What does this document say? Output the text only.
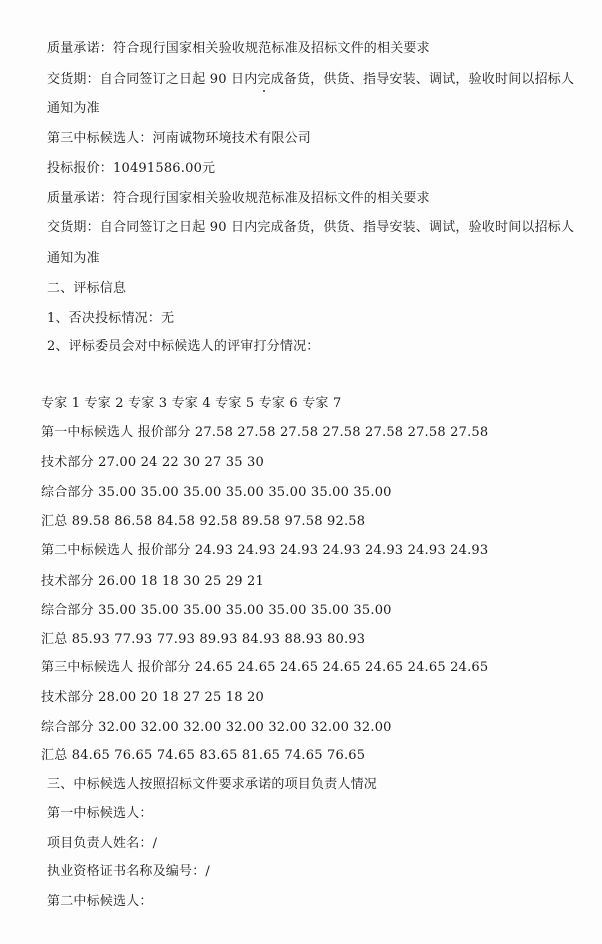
质量承诺：符合现行国家相关验收规范标准及招标文件的相关要求
交货期：自合同签订之日起 90 日内完成备货，供货、指导安装、调试，验收时间以招标人
通知为准
第三中标候选人：河南诚物环境技术有限公司
投标报价：10491586.00元
质量承诺：符合现行国家相关验收规范标准及招标文件的相关要求
交货期：自合同签订之日起 90 日内完成备货，供货、指导安装、调试，验收时间以招标人
通知为准
二、评标信息
1、否决投标情况：无
2、评标委员会对中标候选人的评审打分情况：
专家 1 专家 2 专家 3 专家 4 专家 5 专家 6 专家 7
第一中标候选人 报价部分 27.58 27.58 27.58 27.58 27.58 27.58 27.58
技术部分 27.00 24 22 30 27 35 30
综合部分 35.00 35.00 35.00 35.00 35.00 35.00 35.00
汇总 89.58 86.58 84.58 92.58 89.58 97.58 92.58
第二中标候选人 报价部分 24.93 24.93 24.93 24.93 24.93 24.93 24.93
技术部分 26.00 18 18 30 25 29 21
综合部分 35.00 35.00 35.00 35.00 35.00 35.00 35.00
汇总 85.93 77.93 77.93 89.93 84.93 88.93 80.93
第三中标候选人 报价部分 24.65 24.65 24.65 24.65 24.65 24.65 24.65
技术部分 28.00 20 18 27 25 18 20
综合部分 32.00 32.00 32.00 32.00 32.00 32.00 32.00
汇总 84.65 76.65 74.65 83.65 81.65 74.65 76.65
三、中标候选人按照招标文件要求承诺的项目负责人情况
第一中标候选人：
项目负责人姓名：/
执业资格证书名称及编号：/
第二中标候选人：
